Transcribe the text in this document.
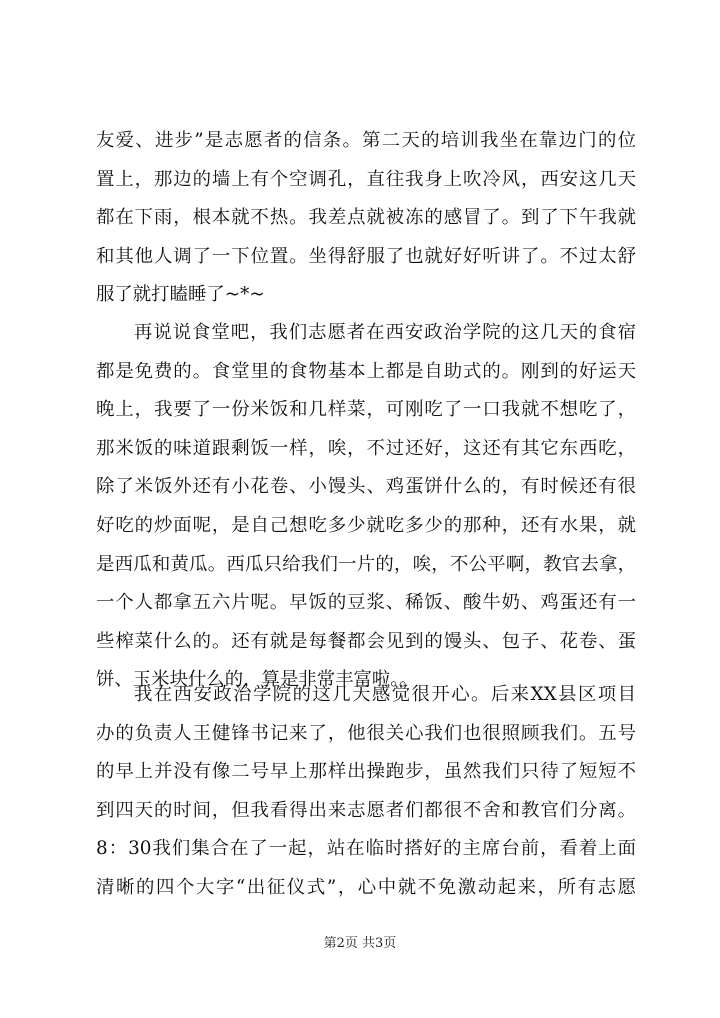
友爱、进步”是志愿者的信条。第二天的培训我坐在靠边门的位
置上，那边的墙上有个空调孔，直往我身上吹冷风，西安这几天
都在下雨，根本就不热。我差点就被冻的感冒了。到了下午我就
和其他人调了一下位置。坐得舒服了也就好好听讲了。不过太舒
服了就打瞌睡了~*~
再说说食堂吧，我们志愿者在西安政治学院的这几天的食宿
都是免费的。食堂里的食物基本上都是自助式的。刚到的好运天
晚上，我要了一份米饭和几样菜，可刚吃了一口我就不想吃了，
那米饭的味道跟剩饭一样，唉，不过还好，这还有其它东西吃，
除了米饭外还有小花卷、小馒头、鸡蛋饼什么的，有时候还有很
好吃的炒面呢，是自己想吃多少就吃多少的那种，还有水果，就
是西瓜和黄瓜。西瓜只给我们一片的，唉，不公平啊，教官去拿，
一个人都拿五六片呢。早饭的豆浆、稀饭、酸牛奶、鸡蛋还有一
些榨菜什么的。还有就是每餐都会见到的馒头、包子、花卷、蛋
饼、玉米块什么的，算是非常丰富啦。。
我在西安政治学院的这几天感觉很开心。后来XX县区项目
办的负责人王健锋书记来了，他很关心我们也很照顾我们。五号
的早上并没有像二号早上那样出操跑步，虽然我们只待了短短不
到四天的时间，但我看得出来志愿者们都很不舍和教官们分离。
8：30我们集合在了一起，站在临时搭好的主席台前，看着上面
清晰的四个大字“出征仪式”，心中就不免激动起来，所有志愿
第2页 共3页
